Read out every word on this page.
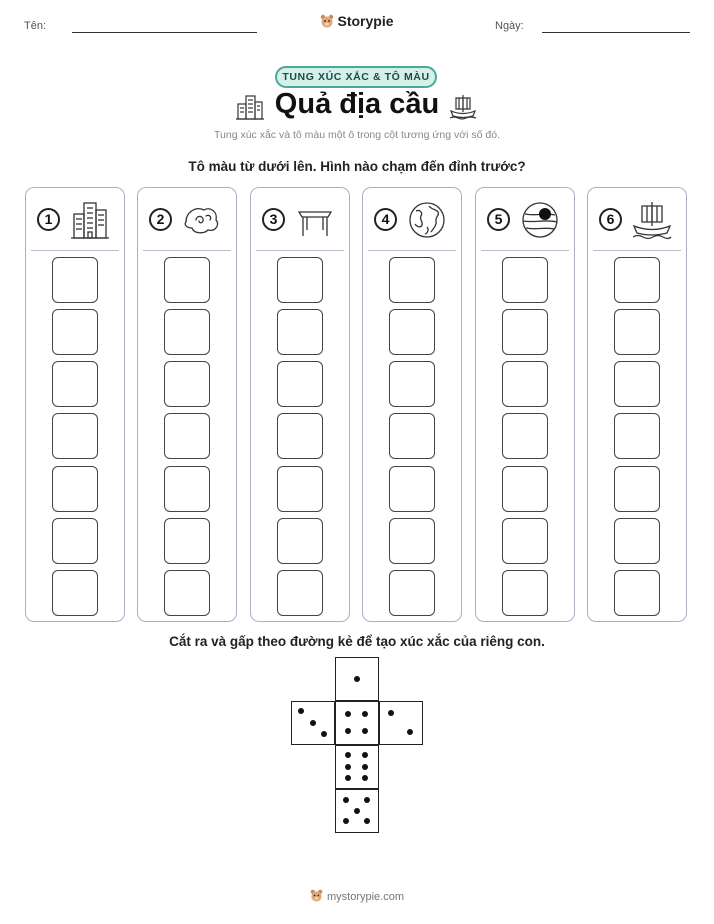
Tên:	Storypie	Ngày:
TUNG XÚC XẮC & TÔ MÀU
Quả địa cầu
Tung xúc xắc và tô màu một ô trong cột tương ứng với số đó.
Tô màu từ dưới lên. Hình nào chạm đến đỉnh trước?
1	2	3	4	5	6
Cắt ra và gấp theo đường kẻ để tạo xúc xắc của riêng con.
mystorypie.com
